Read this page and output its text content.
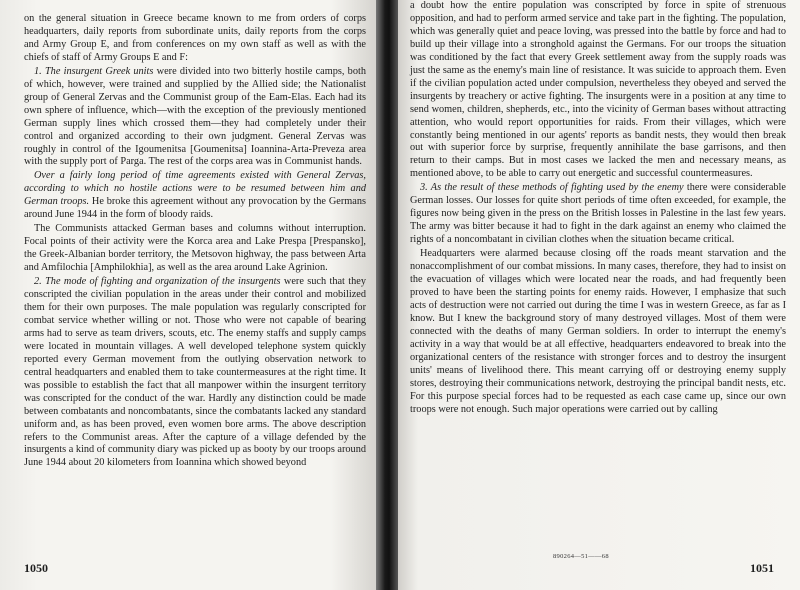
on the general situation in Greece became known to me from orders of corps headquarters, daily reports from subordinate units, daily reports from the corps and Army Group E, and from conferences on my own staff as well as with the chiefs of staff of Army Groups E and F:

1. The insurgent Greek units were divided into two bitterly hostile camps, both of which, however, were trained and supplied by the Allied side; the Nationalist group of General Zervas and the Communist group of the Eam-Elas. Each had its own sphere of influence, which—with the exception of the previously mentioned German supply lines which crossed them—they had completely under their control and organized according to their own judgment. General Zervas was roughly in control of the Igoumenitsa [Goumenitsa] Ioannina-Arta-Preveza area with the supply port of Parga. The rest of the corps area was in Communist hands.

Over a fairly long period of time agreements existed with General Zervas, according to which no hostile actions were to be resumed between him and German troops. He broke this agreement without any provocation by the Germans around June 1944 in the form of bloody raids.

The Communists attacked German bases and columns without interruption. Focal points of their activity were the Korca area and Lake Prespa [Prespansko], the Greek-Albanian border territory, the Metsovon highway, the pass between Arta and Amfilochia [Amphilokhia], as well as the area around Lake Agrinion.

2. The mode of fighting and organization of the insurgents were such that they conscripted the civilian population in the areas under their control and mobilized them for their own purposes. The male population was regularly conscripted for combat service whether willing or not. Those who were not capable of bearing arms had to serve as team drivers, scouts, etc. The enemy staffs and supply camps were located in mountain villages. A well developed telephone system quickly reported every German movement from the outlying observation network to central headquarters and enabled them to take countermeasures at the right time. It was possible to establish the fact that all manpower within the insurgent territory was conscripted for the conduct of the war. Hardly any distinction could be made between combatants and noncombatants, since the combatants lacked any standard uniform and, as has been proved, even women bore arms. The above description refers to the Communist areas. After the capture of a village defended by the insurgents a kind of community diary was picked up as booty by our troops around June 1944 about 20 kilometers from Ioannina which showed beyond

1050

a doubt how the entire population was conscripted by force in spite of strenuous opposition, and had to perform armed service and take part in the fighting. The population, which was generally quiet and peace loving, was pressed into the battle by force and had to build up their village into a stronghold against the Germans. For our troops the situation was conditioned by the fact that every Greek settlement away from the supply roads was just the same as the enemy's main line of resistance. It was suicide to approach them. Even if the civilian population acted under compulsion, nevertheless they obeyed and served the insurgents by treachery or active fighting. The insurgents were in a position at any time to send women, children, shepherds, etc., into the vicinity of German bases without attracting attention, who would report opportunities for raids. From their villages, which were constantly being mentioned in our agents' reports as bandit nests, they would then break out with superior force by surprise, frequently annihilate the base garrisons, and then return to their camps. But in most cases we lacked the men and necessary means, as mentioned above, to be able to carry out energetic and successful countermeasures.

3. As the result of these methods of fighting used by the enemy there were considerable German losses. Our losses for quite short periods of time often exceeded, for example, the figures now being given in the press on the British losses in Palestine in the last few years. The army was bitter because it had to fight in the dark against an enemy who claimed the rights of a noncombatant in civilian clothes when the situation became critical.

Headquarters were alarmed because closing off the roads meant starvation and the nonaccomplishment of our combat missions. In many cases, therefore, they had to insist on the evacuation of villages which were located near the roads, and had frequently been proved to have been the starting points for enemy raids. However, I emphasize that such acts of destruction were not carried out during the time I was in western Greece, as far as I know. But I knew the background story of many destroyed villages. Most of them were connected with the deaths of many German soldiers. In order to interrupt the enemy's activity in a way that would be at all effective, headquarters endeavored to break into the organizational centers of the resistance with stronger forces and to destroy the insurgent units' means of livelihood there. This meant carrying off or destroying enemy supply stores, destroying their communications network, destroying the principal bandit nests, etc. For this purpose special forces had to be requested as each case came up, since our own troops were not enough. Such major operations were carried out by calling

890264—51——68
1051
